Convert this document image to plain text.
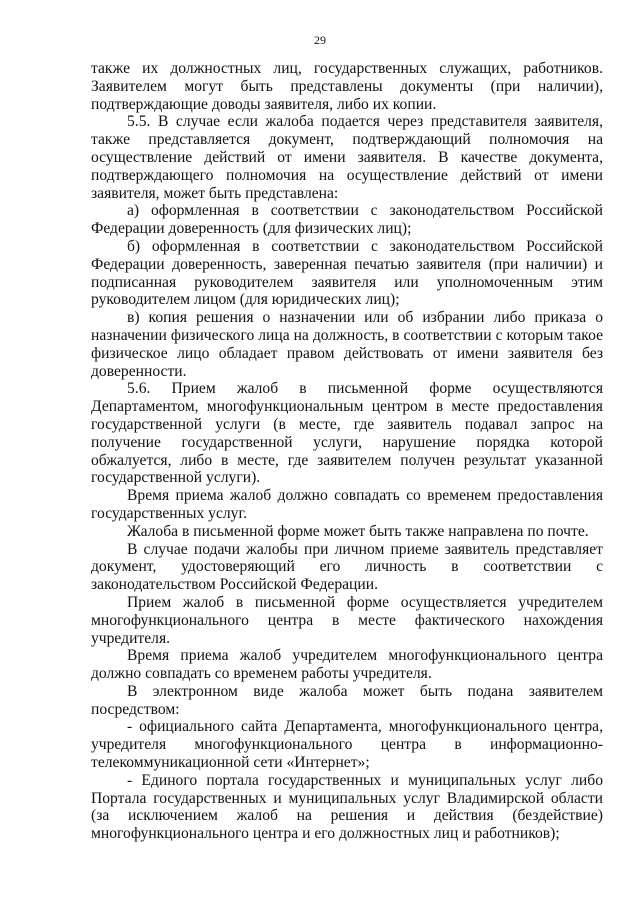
29

также их должностных лиц, государственных служащих, работников. Заявителем могут быть представлены документы (при наличии), подтверждающие доводы заявителя, либо их копии.

5.5. В случае если жалоба подается через представителя заявителя, также представляется документ, подтверждающий полномочия на осуществление действий от имени заявителя. В качестве документа, подтверждающего полномочия на осуществление действий от имени заявителя, может быть представлена:

а) оформленная в соответствии с законодательством Российской Федерации доверенность (для физических лиц);

б) оформленная в соответствии с законодательством Российской Федерации доверенность, заверенная печатью заявителя (при наличии) и подписанная руководителем заявителя или уполномоченным этим руководителем лицом (для юридических лиц);

в) копия решения о назначении или об избрании либо приказа о назначении физического лица на должность, в соответствии с которым такое физическое лицо обладает правом действовать от имени заявителя без доверенности.

5.6. Прием жалоб в письменной форме осуществляются Департаментом, многофункциональным центром в месте предоставления государственной услуги (в месте, где заявитель подавал запрос на получение государственной услуги, нарушение порядка которой обжалуется, либо в месте, где заявителем получен результат указанной государственной услуги).

Время приема жалоб должно совпадать со временем предоставления государственных услуг.

Жалоба в письменной форме может быть также направлена по почте.

В случае подачи жалобы при личном приеме заявитель представляет документ, удостоверяющий его личность в соответствии с законодательством Российской Федерации.

Прием жалоб в письменной форме осуществляется учредителем многофункционального центра в месте фактического нахождения учредителя.

Время приема жалоб учредителем многофункционального центра должно совпадать со временем работы учредителя.

В электронном виде жалоба может быть подана заявителем посредством:

- официального сайта Департамента, многофункционального центра, учредителя многофункционального центра в информационно-телекоммуникационной сети «Интернет»;

- Единого портала государственных и муниципальных услуг либо Портала государственных и муниципальных услуг Владимирской области (за исключением жалоб на решения и действия (бездействие) многофункционального центра и его должностных лиц и работников);
